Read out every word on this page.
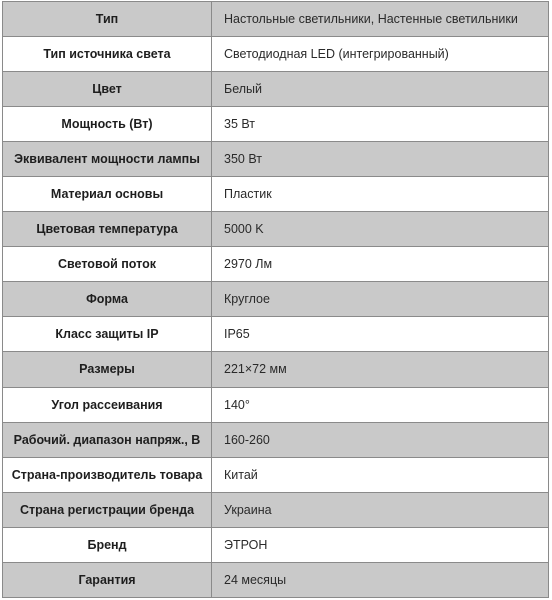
Тип	Настольные светильники, Настенные светильники
Тип источника света	Светодиодная LED (интегрированный)
Цвет	Белый
Мощность (Вт)	35 Вт
Эквивалент мощности лампы	350 Вт
Материал основы	Пластик
Цветовая температура	5000 K
Световой поток	2970 Лм
Форма	Круглое
Класс защиты IP	IP65
Размеры	221×72 мм
Угол рассеивания	140°
Рабочий. диапазон напряж., В	160-260
Страна-производитель товара	Китай
Страна регистрации бренда	Украина
Бренд	ЭТРОН
Гарантия	24 месяцы
